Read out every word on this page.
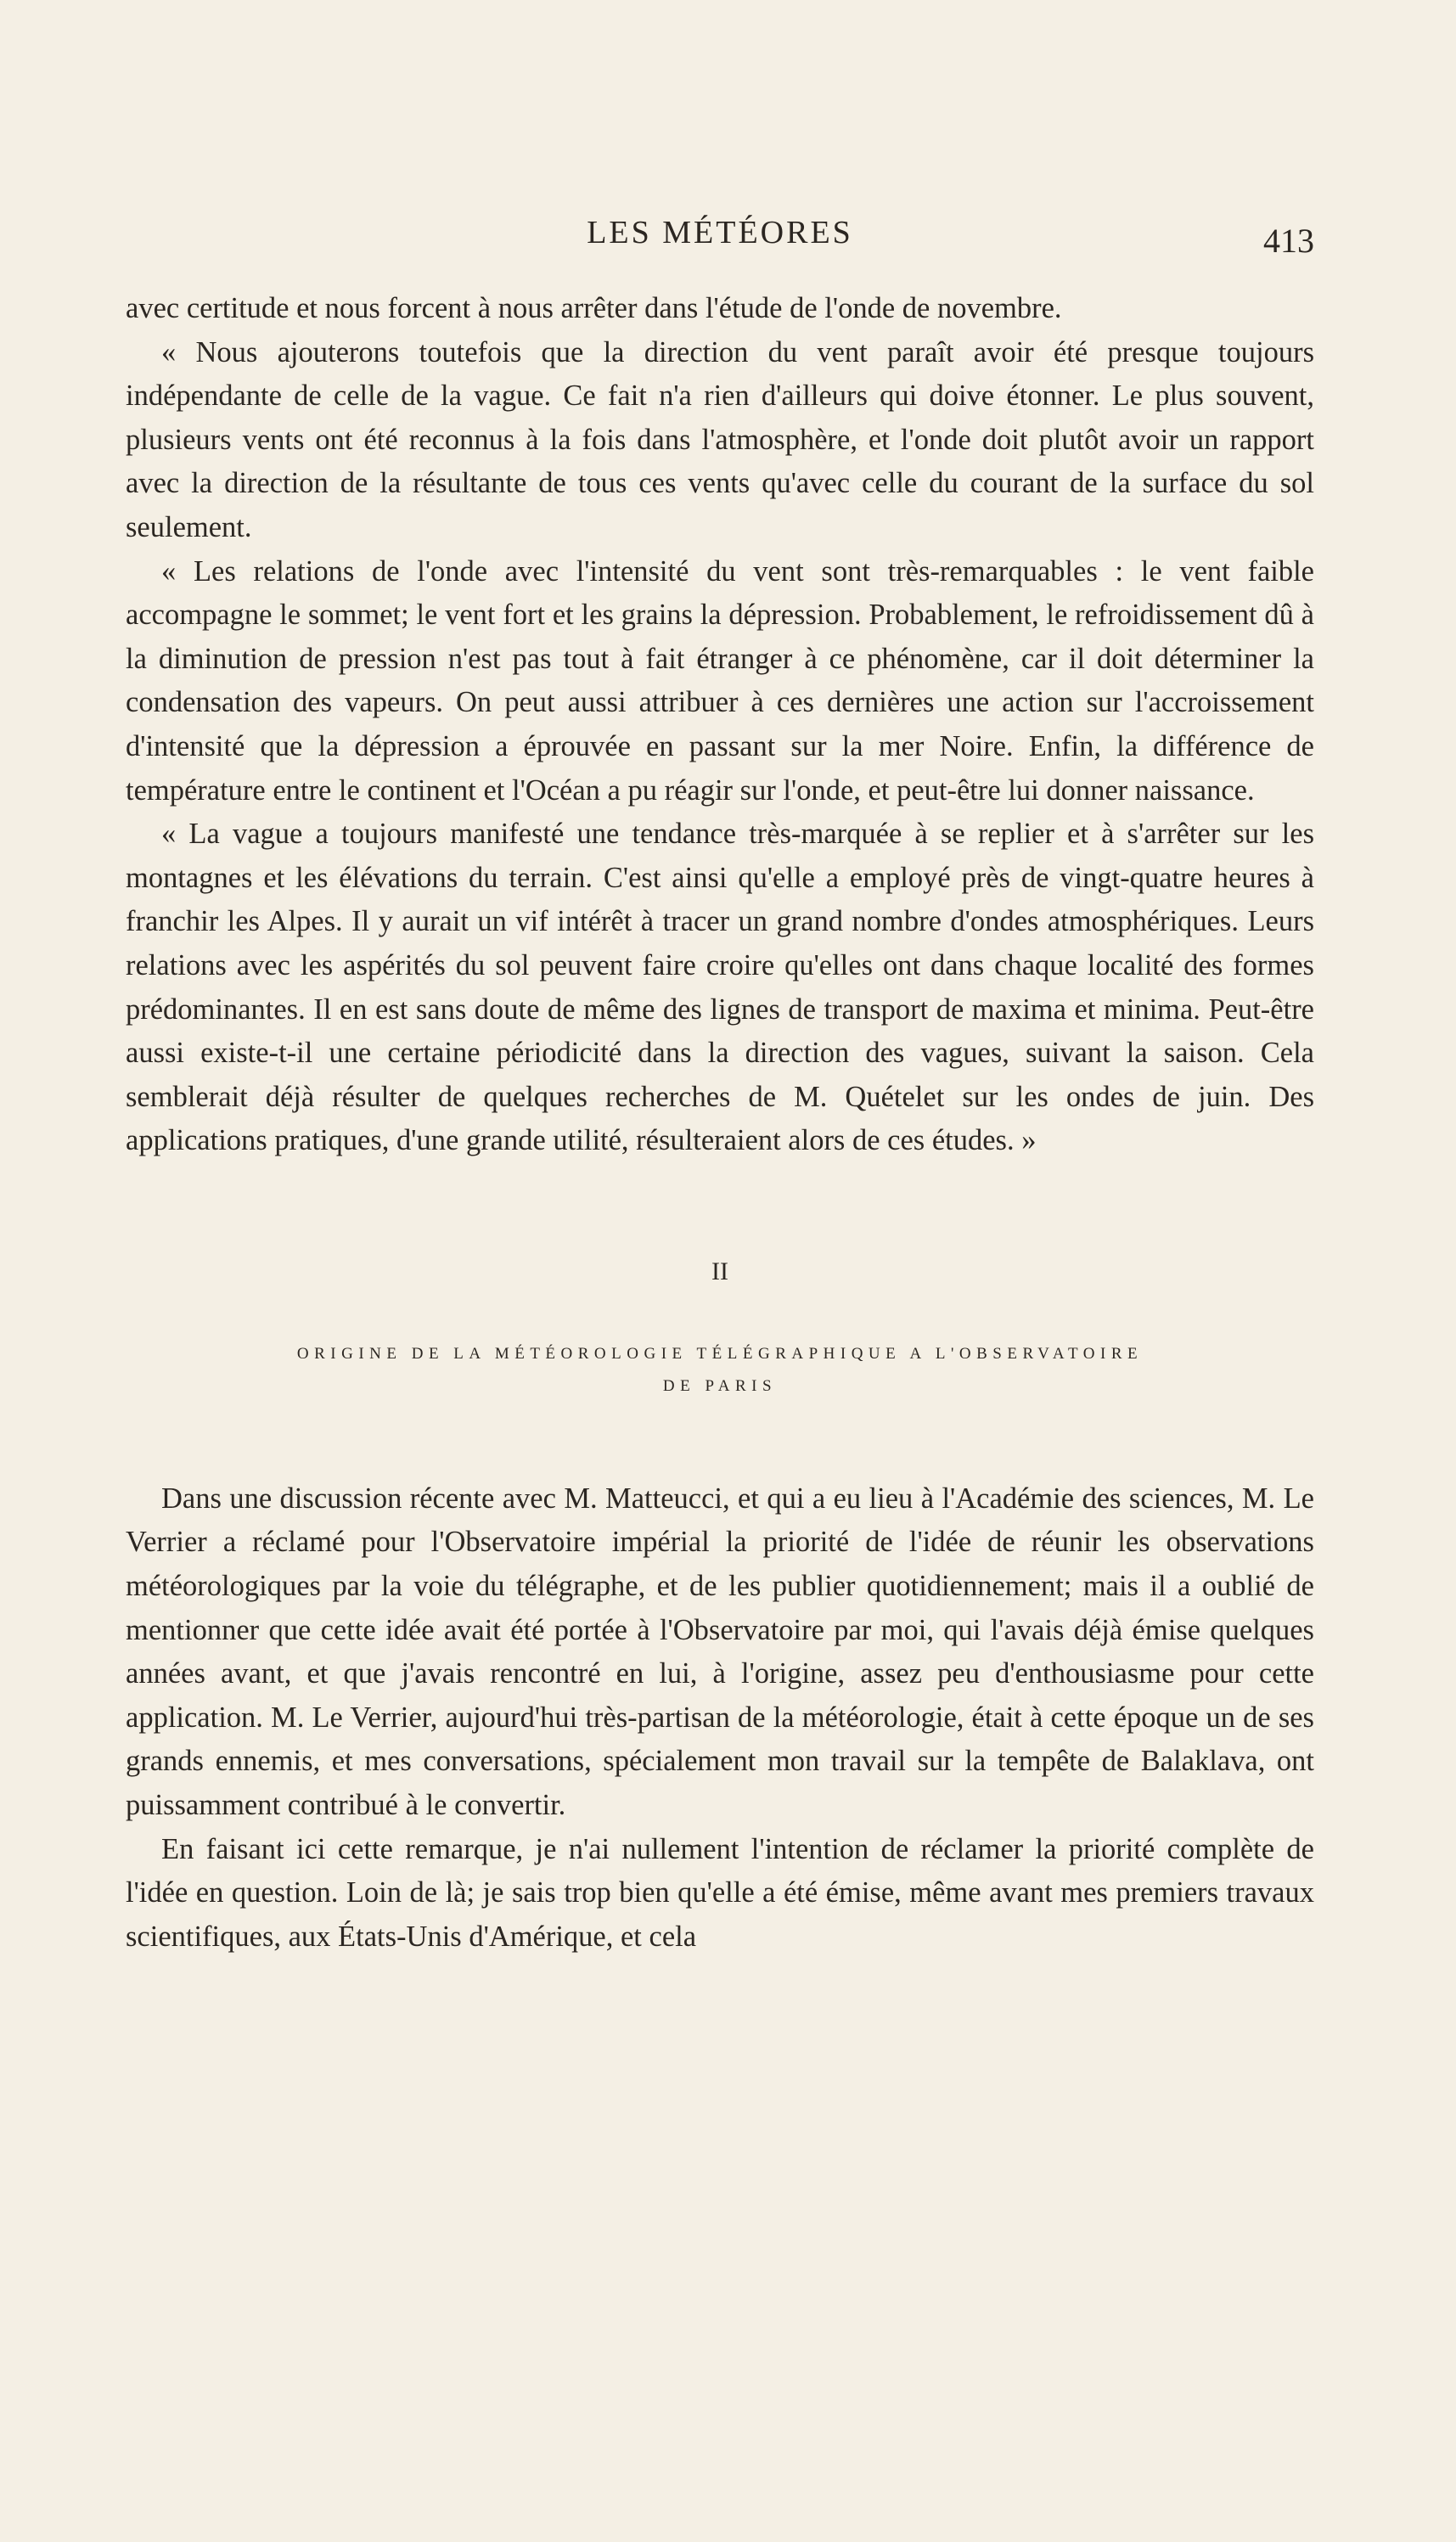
LES MÉTÉORES	413

avec certitude et nous forcent à nous arrêter dans l'étude de l'onde de novembre.

« Nous ajouterons toutefois que la direction du vent paraît avoir été presque toujours indépendante de celle de la vague. Ce fait n'a rien d'ailleurs qui doive étonner. Le plus souvent, plusieurs vents ont été reconnus à la fois dans l'atmosphère, et l'onde doit plutôt avoir un rapport avec la direction de la résultante de tous ces vents qu'avec celle du courant de la surface du sol seulement.

« Les relations de l'onde avec l'intensité du vent sont très-remarquables : le vent faible accompagne le sommet; le vent fort et les grains la dépression. Probablement, le refroidissement dû à la diminution de pression n'est pas tout à fait étranger à ce phénomène, car il doit déterminer la condensation des vapeurs. On peut aussi attribuer à ces dernières une action sur l'accroissement d'intensité que la dépression a éprouvée en passant sur la mer Noire. Enfin, la différence de température entre le continent et l'Océan a pu réagir sur l'onde, et peut-être lui donner naissance.

« La vague a toujours manifesté une tendance très-marquée à se replier et à s'arrêter sur les montagnes et les élévations du terrain. C'est ainsi qu'elle a employé près de vingt-quatre heures à franchir les Alpes. Il y aurait un vif intérêt à tracer un grand nombre d'ondes atmosphériques. Leurs relations avec les aspérités du sol peuvent faire croire qu'elles ont dans chaque localité des formes prédominantes. Il en est sans doute de même des lignes de transport de maxima et minima. Peut-être aussi existe-t-il une certaine périodicité dans la direction des vagues, suivant la saison. Cela semblerait déjà résulter de quelques recherches de M. Quételet sur les ondes de juin. Des applications pratiques, d'une grande utilité, résulteraient alors de ces études. »

II
ORIGINE DE LA MÉTÉOROLOGIE TÉLÉGRAPHIQUE A L'OBSERVATOIRE
DE PARIS

Dans une discussion récente avec M. Matteucci, et qui a eu lieu à l'Académie des sciences, M. Le Verrier a réclamé pour l'Observatoire impérial la priorité de l'idée de réunir les observations météorologiques par la voie du télégraphe, et de les publier quotidiennement; mais il a oublié de mentionner que cette idée avait été portée à l'Observatoire par moi, qui l'avais déjà émise quelques années avant, et que j'avais rencontré en lui, à l'origine, assez peu d'enthousiasme pour cette application. M. Le Verrier, aujourd'hui très-partisan de la météorologie, était à cette époque un de ses grands ennemis, et mes conversations, spécialement mon travail sur la tempête de Balaklava, ont puissamment contribué à le convertir.

En faisant ici cette remarque, je n'ai nullement l'intention de réclamer la priorité complète de l'idée en question. Loin de là; je sais trop bien qu'elle a été émise, même avant mes premiers travaux scientifiques, aux États-Unis d'Amérique, et cela
